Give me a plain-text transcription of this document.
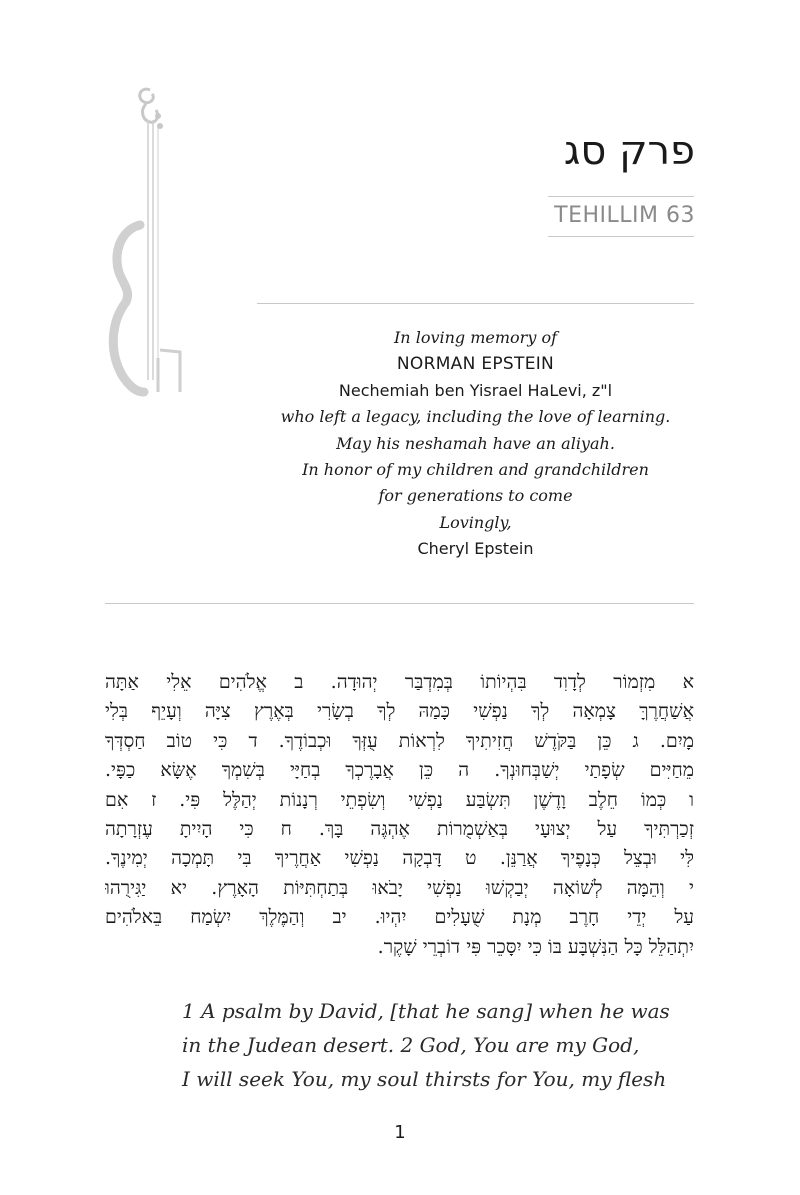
פרק סג
TEHILLIM 63
In loving memory of
NORMAN EPSTEIN
Nechemiah ben Yisrael HaLevi, z"l
who left a legacy, including the love of learning.
May his neshamah have an aliyah.
In honor of my children and grandchildren
for generations to come
Lovingly,
Cheryl Epstein
א מִזְמוֹר לְדָוִד בִּהְיוֹתוֹ בְּמִדְבַּר יְהוּדָה. ב אֱלֹהִים אֵלִי אַתָּה
אֲשַׁחֲרֶךָּ צָמְאָה לְךָ נַפְשִׁי כָּמַהּ לְךָ בְשָׂרִי בְּאֶרֶץ צִיָּה וְעָיֵף בְּלִי
מָיִם. ג כֵּן בַּקֹּדֶשׁ חֲזִיתִיךָ לִרְאוֹת עֻזְּךָ וּכְבוֹדֶךָ. ד כִּי טוֹב חַסְדְּךָ
מֵחַיִּים שְׂפָתַי יְשַׁבְּחוּנְךָ. ה כֵּן אֲבָרֶכְךָ בְחַיָּי בְּשִׁמְךָ אֶשָּׂא כַפָּי.
ו כְּמוֹ חֵלֶב וָדֶשֶׁן תִּשְׂבַּע נַפְשִׁי וְשִׂפְתֵי רְנָנוֹת יְהַלֶּל פִּי. ז אִם
זְכַרְתִּיךָ עַל יְצוּעָי בְּאַשְׁמֻרוֹת אֶהְגֶּה בָּךְ. ח כִּי הָיִיתָ עֶזְרָתָה
לִּי וּבְצֵל כְּנָפֶיךָ אֲרַנֵּן. ט דָּבְקָה נַפְשִׁי אַחֲרֶיךָ בִּי תָּמְכָה יְמִינֶךָ.
י וְהֵמָּה לְשׁוֹאָה יְבַקְשׁוּ נַפְשִׁי יָבֹאוּ בְּתַחְתִּיּוֹת הָאָרֶץ. יא יַגִּירֻהוּ
עַל יְדֵי חָרֶב מְנָת שֻׁעָלִים יִהְיוּ. יב וְהַמֶּלֶךְ יִשְׂמַח בֵּאלֹהִים
יִתְהַלֵּל כָּל הַנִּשְׁבָּע בּוֹ כִּי יִסָּכֵר פִּי דוֹבְרֵי שָׁקֶר.
1 A psalm by David, [that he sang] when he was
in the Judean desert. 2 God, You are my God,
I will seek You, my soul thirsts for You, my flesh
1
